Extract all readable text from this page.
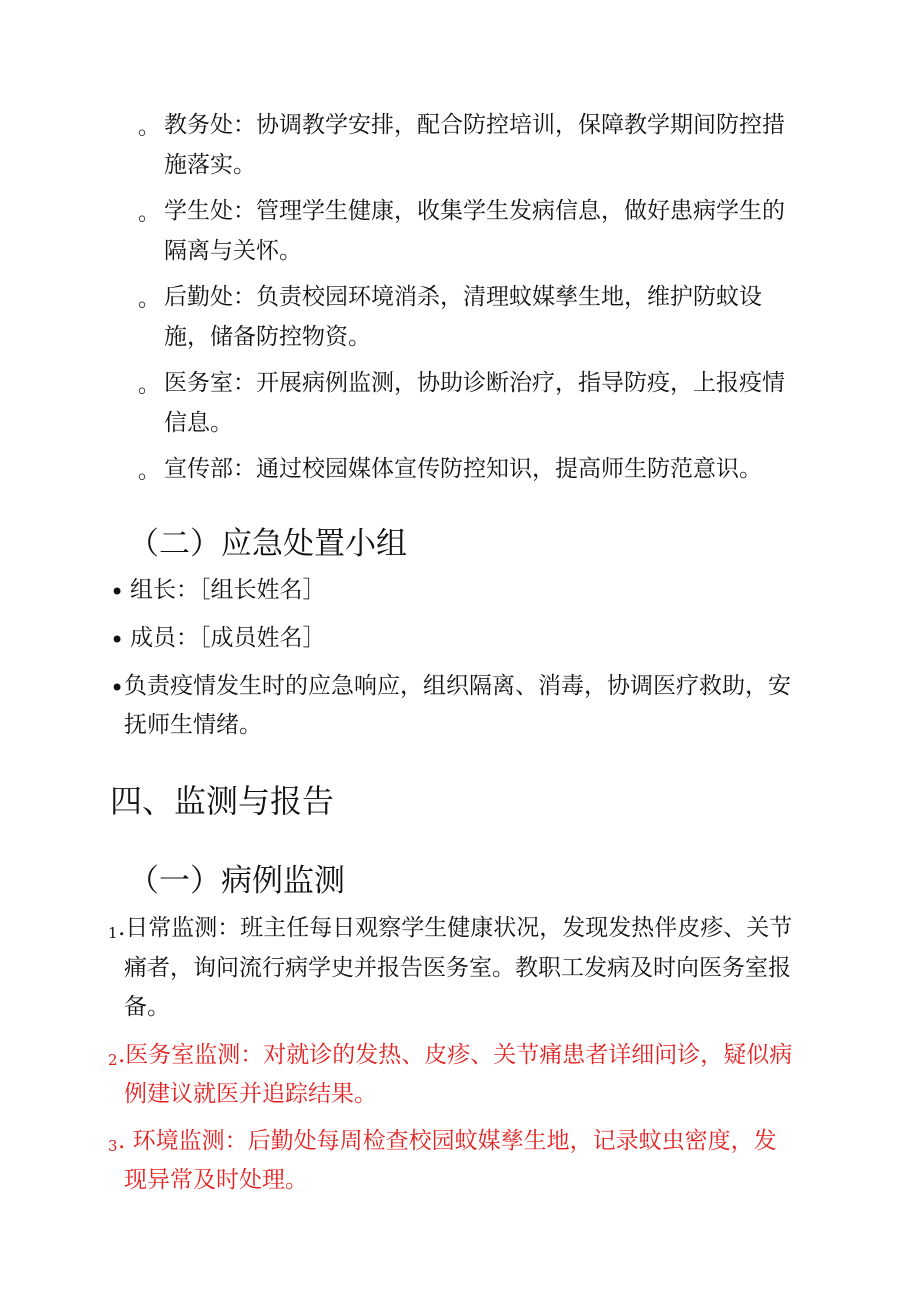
。 教务处：协调教学安排，配合防控培训，保障教学期间防控措
施落实。
。 学生处：管理学生健康，收集学生发病信息，做好患病学生的
隔离与关怀。
。 后勤处：负责校园环境消杀，清理蚊媒孳生地，维护防蚊设
施，储备防控物资。
。 医务室：开展病例监测，协助诊断治疗，指导防疫，上报疫情
信息。
。 宣传部：通过校园媒体宣传防控知识，提高师生防范意识。
（二）应急处置小组
• 组长：［组长姓名］
• 成员：［成员姓名］
• 负责疫情发生时的应急响应，组织隔离、消毒，协调医疗救助，安
抚师生情绪。
四、监测与报告
（一）病例监测
1 .日常监测：班主任每日观察学生健康状况，发现发热伴皮疹、关节
痛者，询问流行病学史并报告医务室。教职工发病及时向医务室报
备。
2 .医务室监测：对就诊的发热、皮疹、关节痛患者详细问诊，疑似病
例建议就医并追踪结果。
3 . 环境监测：后勤处每周检查校园蚊媒孳生地，记录蚊虫密度，发
现异常及时处理。
